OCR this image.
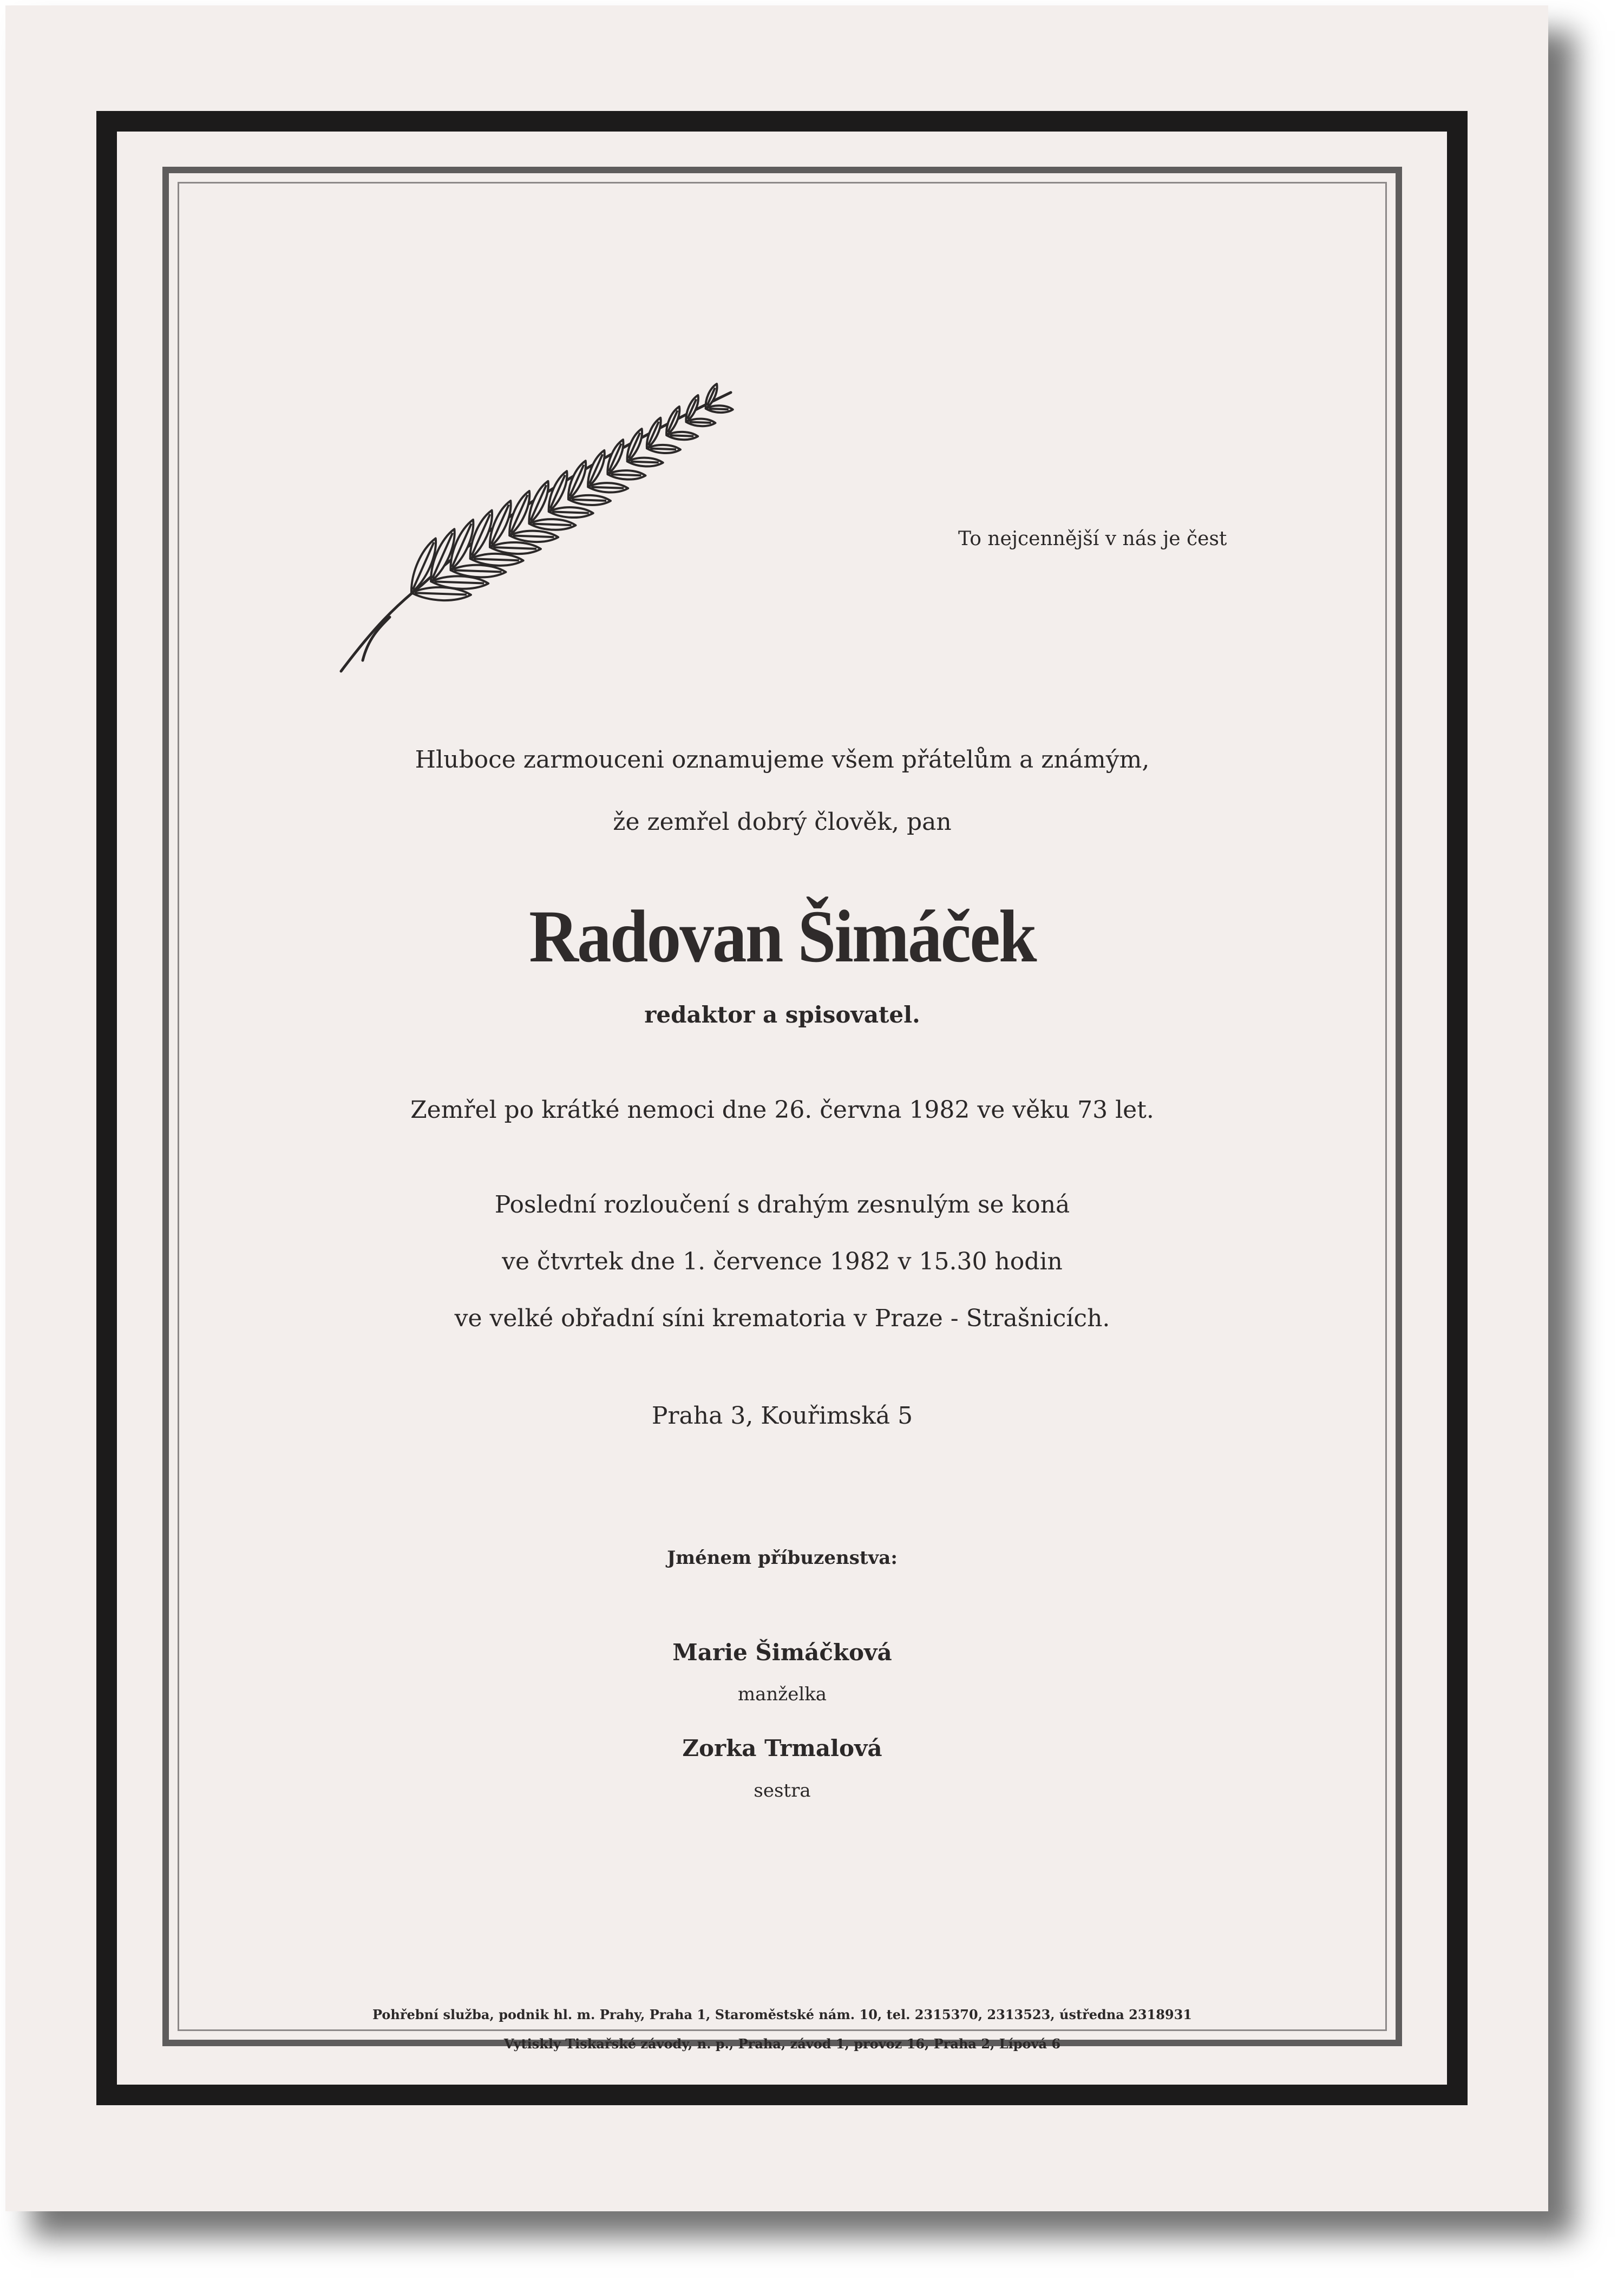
To nejcennější v nás je čest

Hluboce zarmouceni oznamujeme všem přátelům a známým,

že zemřel dobrý člověk, pan

Radovan Šimáček

redaktor a spisovatel.

Zemřel po krátké nemoci dne 26. června 1982 ve věku 73 let.

Poslední rozloučení s drahým zesnulým se koná

ve čtvrtek dne 1. července 1982 v 15.30 hodin

ve velké obřadní síni krematoria v Praze - Strašnicích.

Praha 3, Kouřimská 5

Jménem příbuzenstva:

Marie Šimáčková

manželka

Zorka Trmalová

sestra

Pohřební služba, podnik hl. m. Prahy, Praha 1, Staroměstské nám. 10, tel. 2315370, 2313523, ústředna 2318931

Vytiskly Tiskařské závody, n. p., Praha, závod 1, provoz 16, Praha 2, Lípová 6
